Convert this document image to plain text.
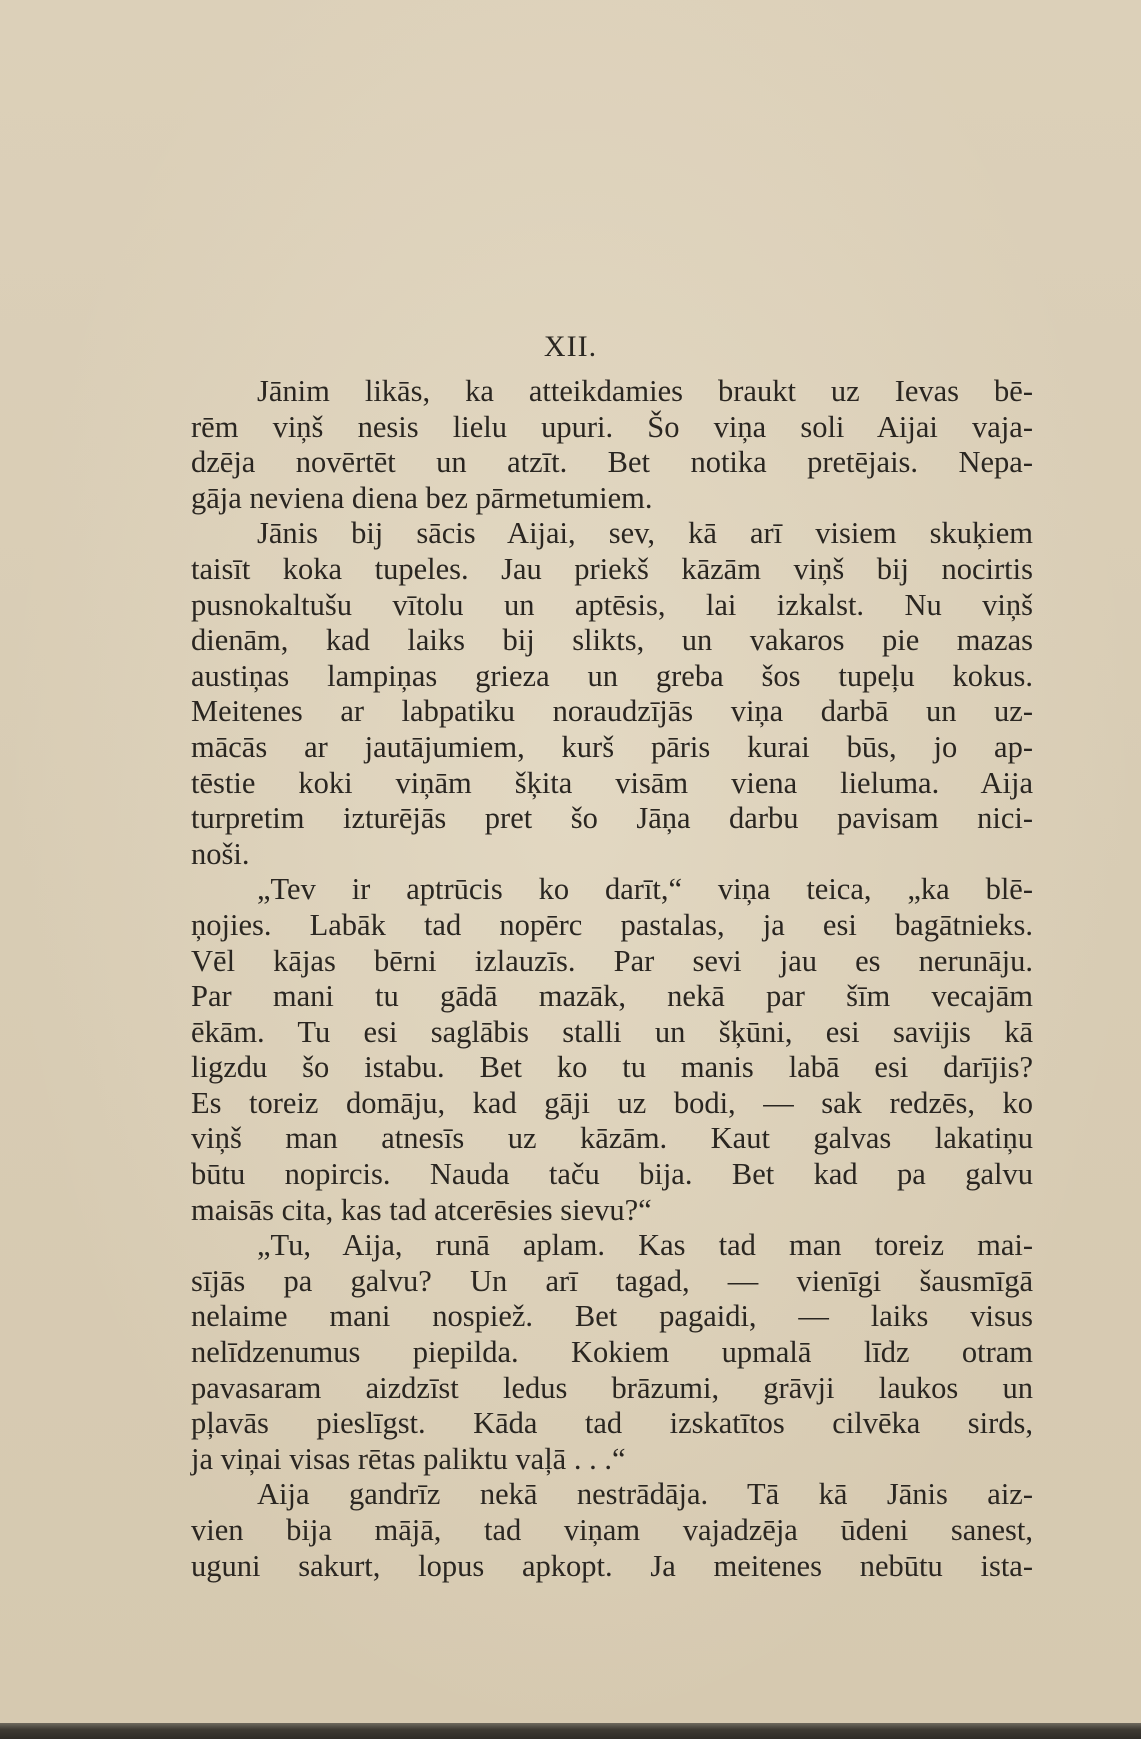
XII.
Jānim likās, ka atteikdamies braukt uz Ievas bē-
rēm viņš nesis lielu upuri. Šo viņa soli Aijai vaja-
dzēja novērtēt un atzīt. Bet notika pretējais. Nepa-
gāja neviena diena bez pārmetumiem.
Jānis bij sācis Aijai, sev, kā arī visiem skuķiem
taisīt koka tupeles. Jau priekš kāzām viņš bij nocirtis
pusnokaltušu vītolu un aptēsis, lai izkalst. Nu viņš
dienām, kad laiks bij slikts, un vakaros pie mazas
austiņas lampiņas grieza un greba šos tupeļu kokus.
Meitenes ar labpatiku noraudzījās viņa darbā un uz-
mācās ar jautājumiem, kurš pāris kurai būs, jo ap-
tēstie koki viņām šķita visām viena lieluma. Aija
turpretim izturējās pret šo Jāņa darbu pavisam nici-
noši.
„Tev ir aptrūcis ko darīt,“ viņa teica, „ka blē-
ņojies. Labāk tad nopērc pastalas, ja esi bagātnieks.
Vēl kājas bērni izlauzīs. Par sevi jau es nerunāju.
Par mani tu gādā mazāk, nekā par šīm vecajām
ēkām. Tu esi saglābis stalli un šķūni, esi savijis kā
ligzdu šo istabu. Bet ko tu manis labā esi darījis?
Es toreiz domāju, kad gāji uz bodi, — sak redzēs, ko
viņš man atnesīs uz kāzām. Kaut galvas lakatiņu
būtu nopircis. Nauda taču bija. Bet kad pa galvu
maisās cita, kas tad atcerēsies sievu?“
„Tu, Aija, runā aplam. Kas tad man toreiz mai-
sījās pa galvu? Un arī tagad, — vienīgi šausmīgā
nelaime mani nospiež. Bet pagaidi, — laiks visus
nelīdzenumus piepilda. Kokiem upmalā līdz otram
pavasaram aizdzīst ledus brāzumi, grāvji laukos un
pļavās pieslīgst. Kāda tad izskatītos cilvēka sirds,
ja viņai visas rētas paliktu vaļā . . .“
Aija gandrīz nekā nestrādāja. Tā kā Jānis aiz-
vien bija mājā, tad viņam vajadzēja ūdeni sanest,
uguni sakurt, lopus apkopt. Ja meitenes nebūtu ista-
